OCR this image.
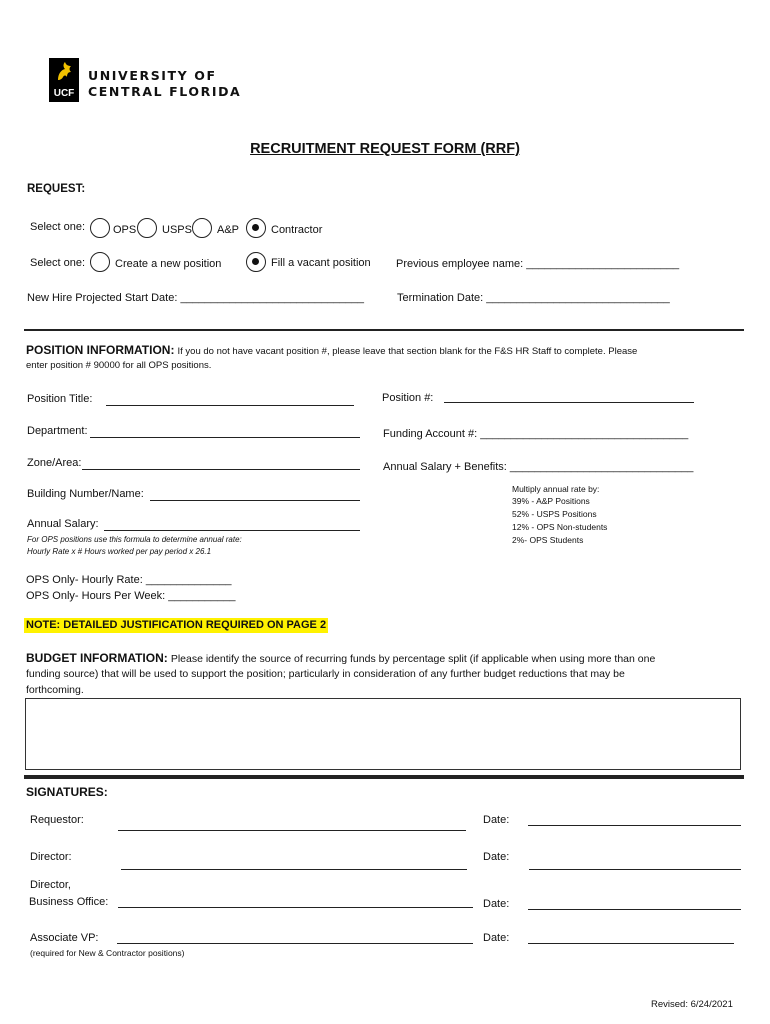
UCF
UNIVERSITY OF
CENTRAL FLORIDA
RECRUITMENT REQUEST FORM (RRF)
REQUEST:
Select one:	OPS USPS A&P	Contractor
Select one:	Create a new position	Fill a vacant position Previous employee name: _________________________
New Hire Projected Start Date: ______________________________	Termination Date: ______________________________
POSITION INFORMATION: If you do not have vacant position #, please leave that section blank for the F&S HR Staff to complete. Please
enter position # 90000 for all OPS positions.
Position Title:	Position #:
Department:	Funding Account #: __________________________________
Zone/Area:	Annual Salary + Benefits: ______________________________
Building Number/Name:
Annual Salary:
For OPS positions use this formula to determine annual rate:
Hourly Rate x # Hours worked per pay period x 26.1
Multiply annual rate by:
39% - A&P Positions
52% - USPS Positions
12% - OPS Non-students
2%- OPS Students
OPS Only- Hourly Rate: ______________
OPS Only- Hours Per Week: ___________
NOTE: DETAILED JUSTIFICATION REQUIRED ON PAGE 2
BUDGET INFORMATION: Please identify the source of recurring funds by percentage split (if applicable when using more than one
funding source) that will be used to support the position; particularly in consideration of any further budget reductions that may be
forthcoming.
SIGNATURES:
Requestor:	Date:
Director:	Date:
Director,
Business Office:	Date:
Associate VP:	Date:
(required for New & Contractor positions)
Revised: 6/24/2021
